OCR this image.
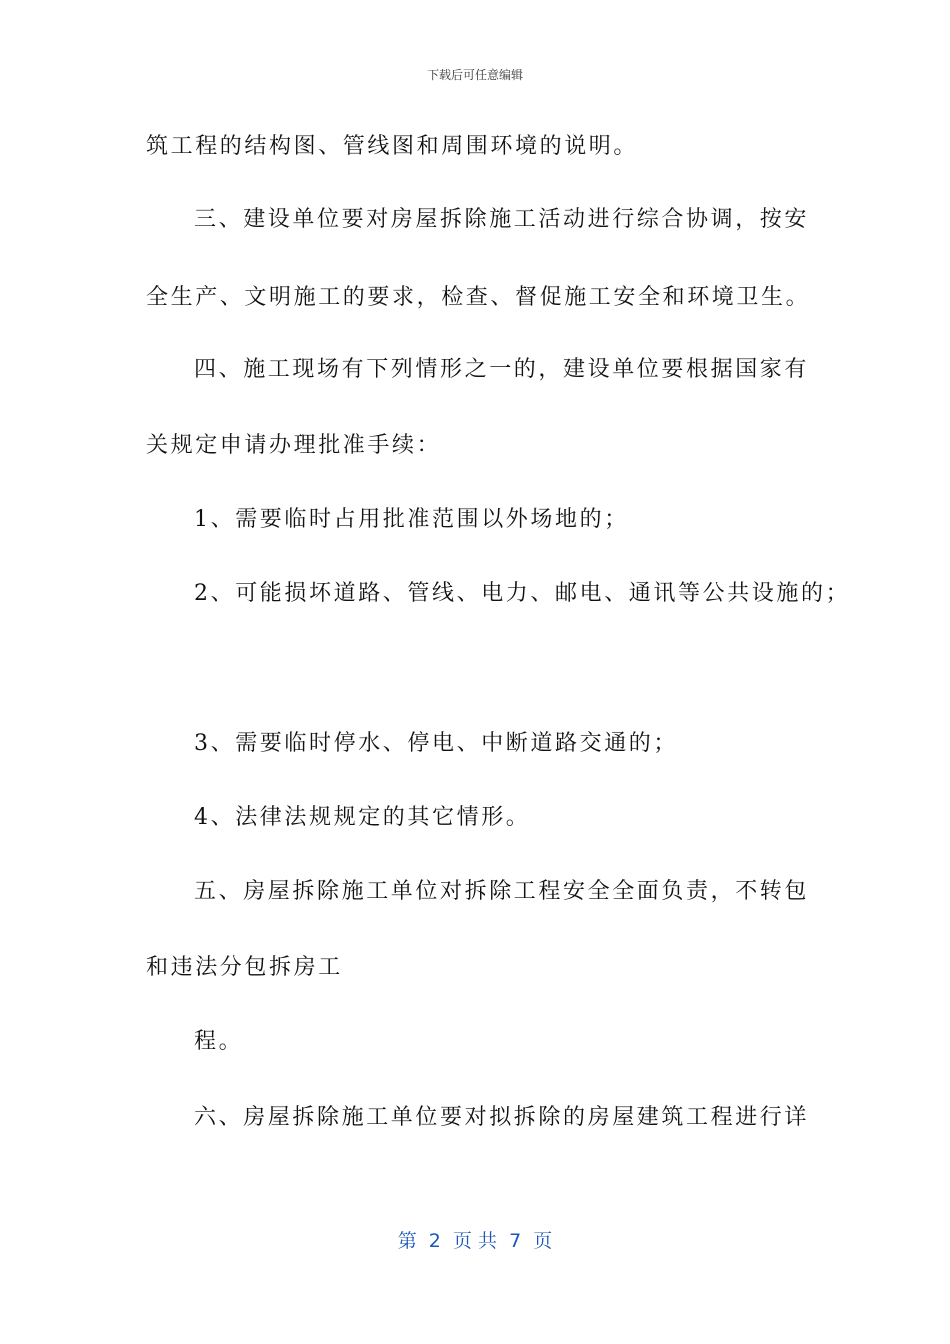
下载后可任意编辑
筑工程的结构图、管线图和周围环境的说明。
三、建设单位要对房屋拆除施工活动进行综合协调，按安
全生产、文明施工的要求，检查、督促施工安全和环境卫生。
四、施工现场有下列情形之一的，建设单位要根据国家有
关规定申请办理批准手续：
1、需要临时占用批准范围以外场地的；
2、可能损坏道路、管线、电力、邮电、通讯等公共设施的；
3、需要临时停水、停电、中断道路交通的；
4、法律法规规定的其它情形。
五、房屋拆除施工单位对拆除工程安全全面负责，不转包
和违法分包拆房工
程。
六、房屋拆除施工单位要对拟拆除的房屋建筑工程进行详
第  2  页 共  7  页
